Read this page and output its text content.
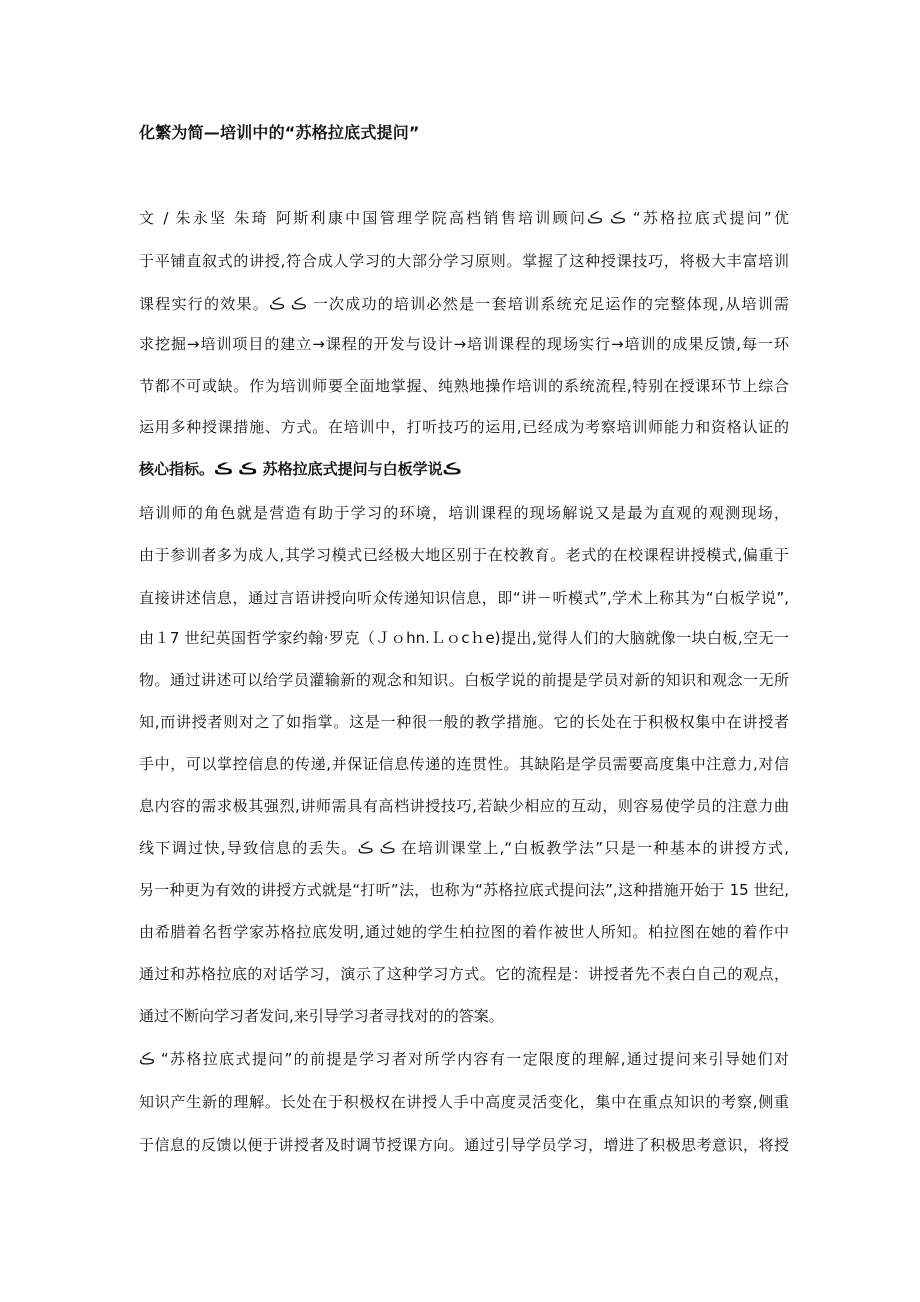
化繁为简—培训中的“苏格拉底式提问”
文 / 朱永坚 朱琦 阿斯利康中国管理学院高档销售培训顾问ڪ ڪ “苏格拉底式提问”优
于平铺直叙式的讲授,符合成人学习的大部分学习原则。掌握了这种授课技巧，将极大丰富培训
课程实行的效果。ڪ ڪ 一次成功的培训必然是一套培训系统充足运作的完整体现,从培训需
求挖掘→培训项目的建立→课程的开发与设计→培训课程的现场实行→培训的成果反馈,每一环
节都不可或缺。作为培训师要全面地掌握、纯熟地操作培训的系统流程,特别在授课环节上综合
运用多种授课措施、方式。在培训中，打听技巧的运用,已经成为考察培训师能力和资格认证的
核心指标。ڪ ڪ 苏格拉底式提问与白板学说ڪ
培训师的角色就是营造有助于学习的环境，培训课程的现场解说又是最为直观的观测现场，
由于参训者多为成人,其学习模式已经极大地区别于在校教育。老式的在校课程讲授模式,偏重于
直接讲述信息，通过言语讲授向听众传递知识信息，即“讲－听模式”,学术上称其为“白板学说”,
由１7 世纪英国哲学家约翰·罗克（Ｊｏhn.Ｌｏcｈe)提出,觉得人们的大脑就像一块白板,空无一
物。通过讲述可以给学员灌输新的观念和知识。白板学说的前提是学员对新的知识和观念一无所
知,而讲授者则对之了如指掌。这是一种很一般的教学措施。它的长处在于积极权集中在讲授者
手中，可以掌控信息的传递,并保证信息传递的连贯性。其缺陷是学员需要高度集中注意力,对信
息内容的需求极其强烈,讲师需具有高档讲授技巧,若缺少相应的互动，则容易使学员的注意力曲
线下调过快,导致信息的丢失。ڪ ڪ 在培训课堂上,“白板教学法”只是一种基本的讲授方式,
另一种更为有效的讲授方式就是“打听”法，也称为“苏格拉底式提问法”,这种措施开始于 15 世纪,
由希腊着名哲学家苏格拉底发明,通过她的学生柏拉图的着作被世人所知。柏拉图在她的着作中
通过和苏格拉底的对话学习，演示了这种学习方式。它的流程是：讲授者先不表白自己的观点，
通过不断向学习者发问,来引导学习者寻找对的的答案。
ڪ “苏格拉底式提问”的前提是学习者对所学内容有一定限度的理解,通过提问来引导她们对
知识产生新的理解。长处在于积极权在讲授人手中高度灵活变化，集中在重点知识的考察,侧重
于信息的反馈以便于讲授者及时调节授课方向。通过引导学员学习，增进了积极思考意识，将授
